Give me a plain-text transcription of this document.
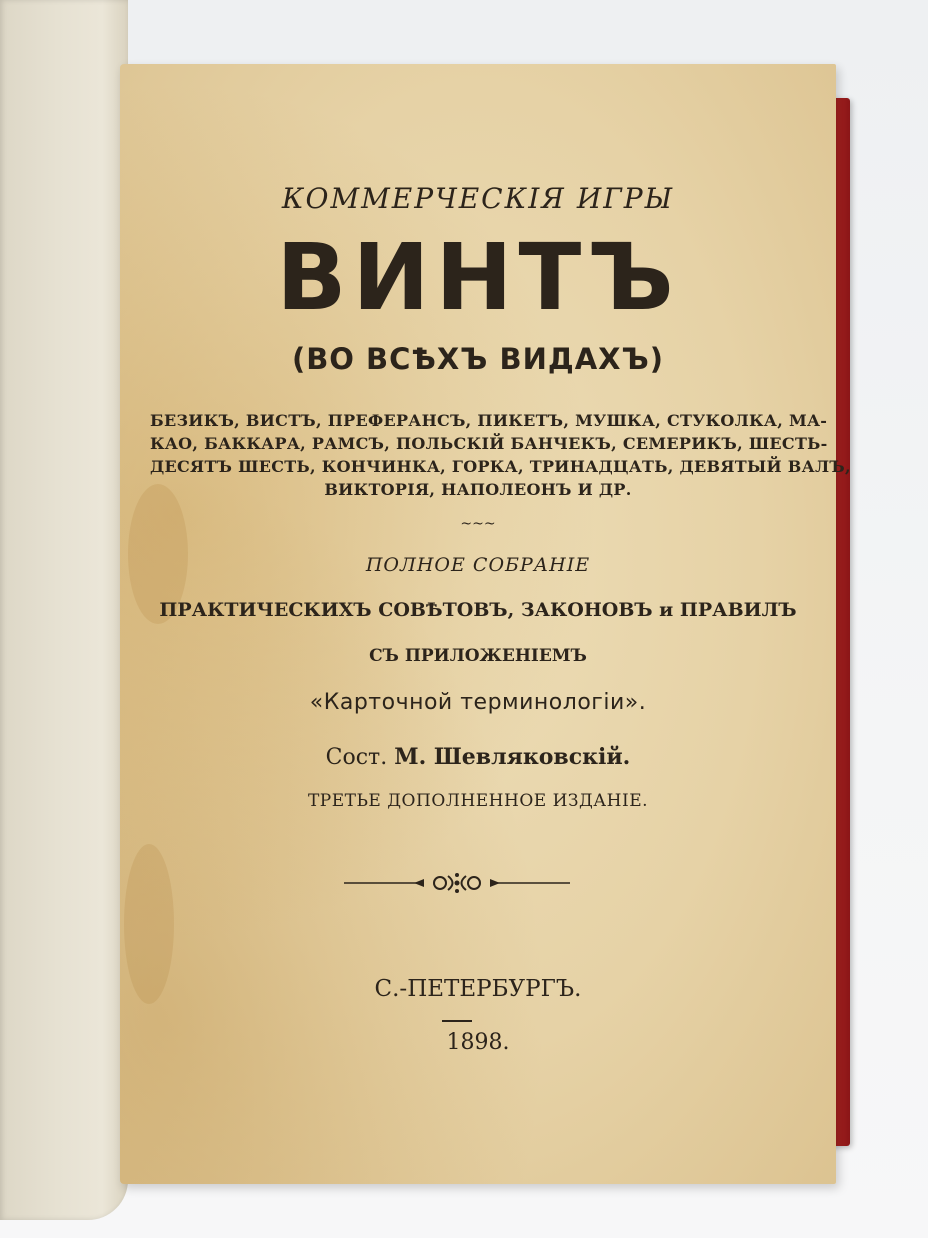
КОММЕРЧЕСКІЯ ИГРЫ
ВИНТЪ
(ВО ВСѢХЪ ВИДАХЪ)
БЕЗИКЪ, ВИСТЪ, ПРЕФЕРАНСЪ, ПИКЕТЪ, МУШКА, СТУКОЛКА, МА-
КАО, БАККАРА, РАМСЪ, ПОЛЬСКІЙ БАНЧЕКЪ, СЕМЕРИКЪ, ШЕСТЬ-
ДЕСЯТЪ ШЕСТЬ, КОНЧИНКА, ГОРКА, ТРИНАДЦАТЬ, ДЕВЯТЫЙ ВАЛЪ,
ВИКТОРІЯ, НАПОЛЕОНЪ И ДР.
~~~
ПОЛНОЕ СОБРАНІЕ
ПРАКТИЧЕСКИХЪ СОВѢТОВЪ, ЗАКОНОВЪ и ПРАВИЛЪ
СЪ ПРИЛОЖЕНІЕМЪ
«Карточной терминологіи».
Сост. М. Шевляковскій.
ТРЕТЬЕ ДОПОЛНЕННОЕ ИЗДАНІЕ.
С.-ПЕТЕРБУРГЪ.
1898.
